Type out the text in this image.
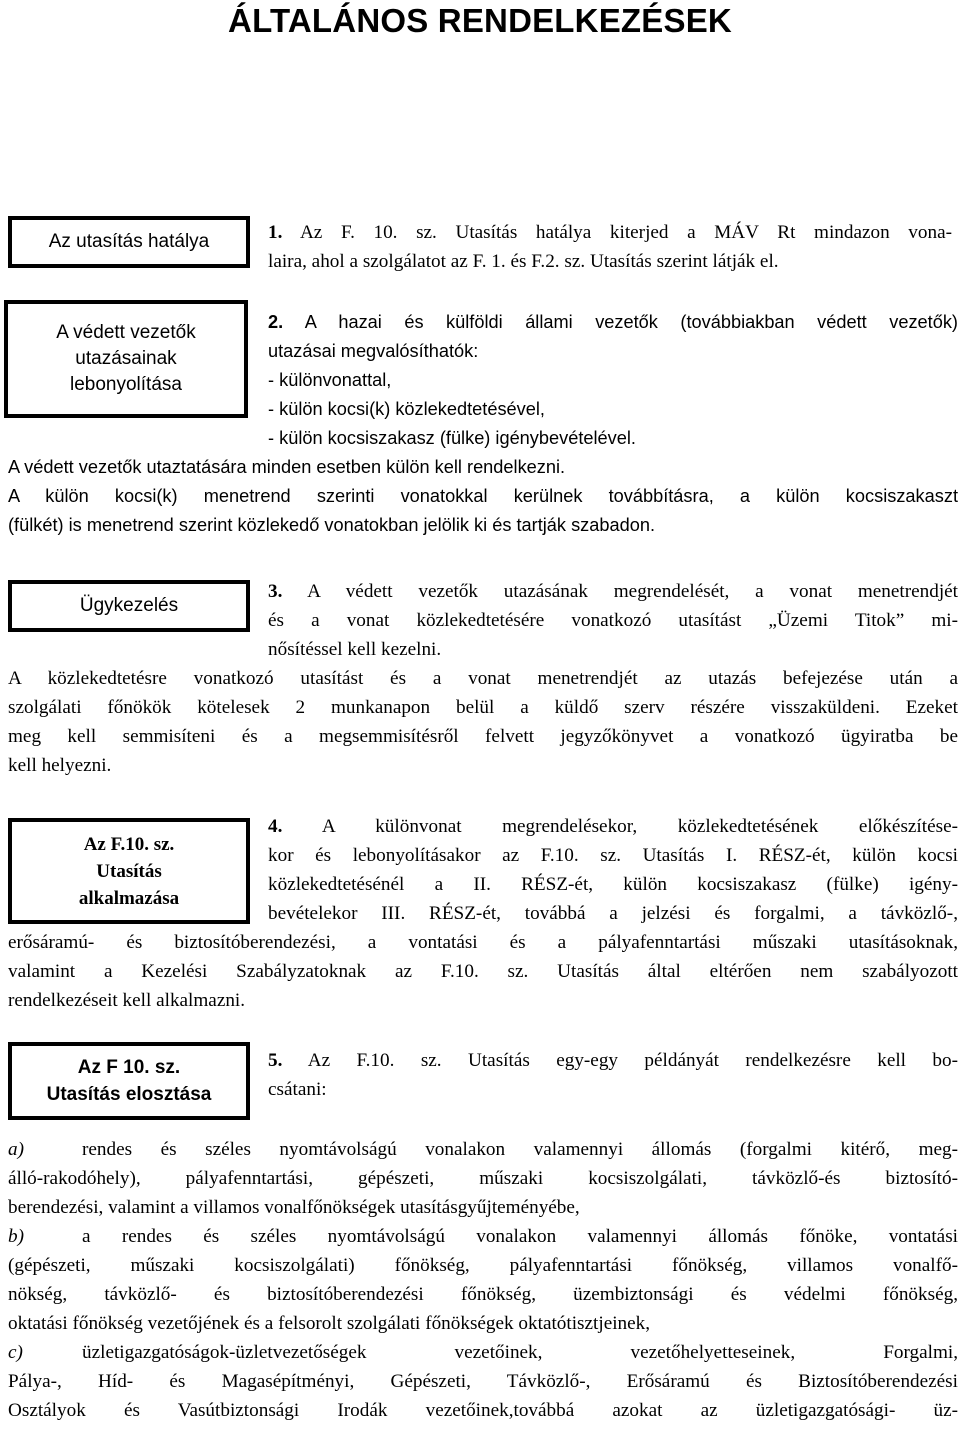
ÁLTALÁNOS RENDELKEZÉSEK
Az utasítás hatálya	1. Az F. 10. sz. Utasítás hatálya kiterjed a MÁV Rt mindazon vona-
laira, ahol a szolgálatot az F. 1. és F.2. sz. Utasítás szerint látják el.
A védett vezetők
utazásainak
lebonyolítása
2. A hazai és külföldi állami vezetők (továbbiakban védett vezetők)
utazásai megvalósíthatók:
- különvonattal,
- külön kocsi(k) közlekedtetésével,
- külön kocsiszakasz (fülke) igénybevételével.
A védett vezetők utaztatására minden esetben külön kell rendelkezni.
A külön kocsi(k) menetrend szerinti vonatokkal kerülnek továbbításra, a külön kocsiszakaszt
(fülkét) is menetrend szerint közlekedő vonatokban jelölik ki és tartják szabadon.
Ügykezelés
3. A védett vezetők utazásának megrendelését, a vonat menetrendjét
és a vonat közlekedtetésére vonatkozó utasítást „Üzemi Titok” mi-
nősítéssel kell kezelni.
A közlekedtetésre vonatkozó utasítást és a vonat menetrendjét az utazás befejezése után a
szolgálati főnökök kötelesek 2 munkanapon belül a küldő szerv részére visszaküldeni. Ezeket
meg kell semmisíteni és a megsemmisítésről felvett jegyzőkönyvet a vonatkozó ügyiratba be
kell helyezni.
Az F.10. sz.
Utasítás
alkalmazása
4. A különvonat megrendelésekor, közlekedtetésének előkészítése-
kor és lebonyolításakor az F.10. sz. Utasítás I. RÉSZ-ét, külön kocsi
közlekedtetésénél a II. RÉSZ-ét, külön kocsiszakasz (fülke) igény-
bevételekor III. RÉSZ-ét, továbbá a jelzési és forgalmi, a távközlő-,
erősáramú- és biztosítóberendezési, a vontatási és a pályafenntartási műszaki utasításoknak,
valamint a Kezelési Szabályzatoknak az F.10. sz. Utasítás által eltérően nem szabályozott
rendelkezéseit kell alkalmazni.
Az F 10. sz.
Utasítás elosztása
5. Az F.10. sz. Utasítás egy-egy példányát rendelkezésre kell bo-
csátani:
a)	rendes és széles nyomtávolságú vonalakon valamennyi állomás (forgalmi kitérő, meg-
álló-rakodóhely), pályafenntartási, gépészeti, műszaki kocsiszolgálati, távközlő-és biztosító-
berendezési, valamint a villamos vonalfőnökségek utasításgyűjteményébe,
b)	a rendes és széles nyomtávolságú vonalakon valamennyi állomás főnöke, vontatási
(gépészeti, műszaki kocsiszolgálati) főnökség, pályafenntartási főnökség, villamos vonalfő-
nökség, távközlő- és biztosítóberendezési főnökség, üzembiztonsági és védelmi főnökség,
oktatási főnökség vezetőjének és a felsorolt szolgálati főnökségek oktatótisztjeinek,
c)	üzletigazgatóságok-üzletvezetőségek vezetőinek, vezetőhelyetteseinek, Forgalmi,
Pálya-, Híd- és Magasépítményi, Gépészeti, Távközlő-, Erősáramú és Biztosítóberendezési
Osztályok és Vasútbiztonsági Irodák vezetőinek,továbbá azokat az üzletigazgatósági- üz-
